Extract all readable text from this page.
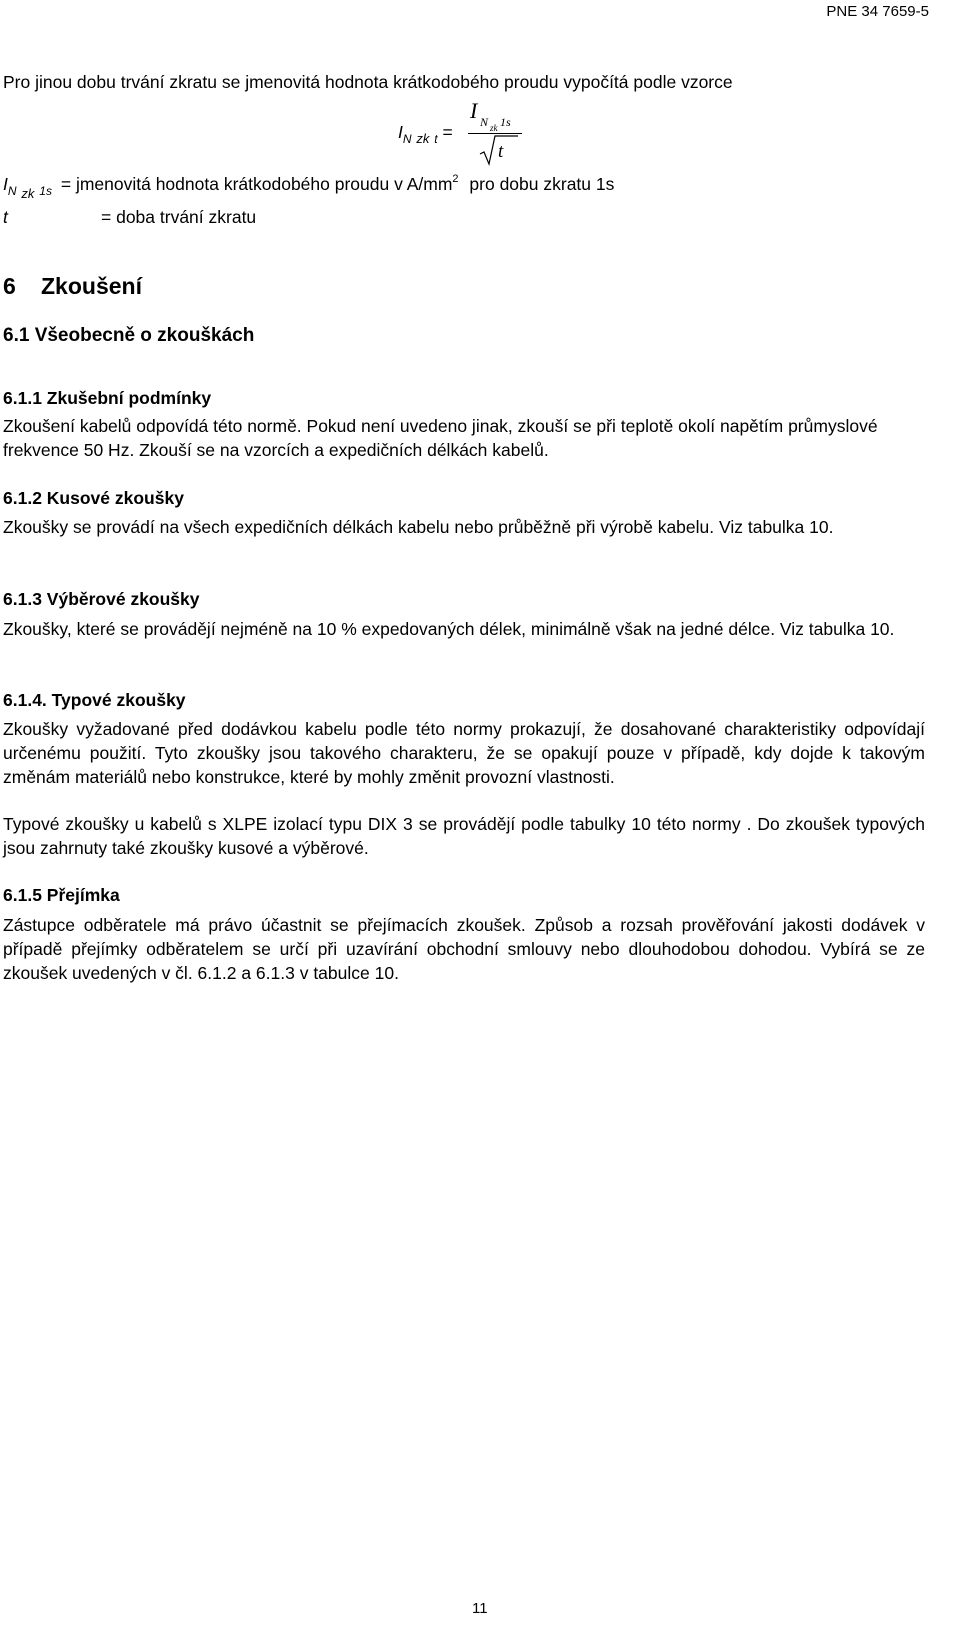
PNE 34 7659-5
Pro jinou dobu trvání zkratu se jmenovitá hodnota krátkodobého proudu vypočítá podle vzorce
$I_N$ $_{zk}$ $_t$ =
I N zk 1s
t
$I_N$ $_{zk}$ $_{1s}$ = jmenovitá hodnota krátkodobého proudu v $A/mm^2$ pro dobu zkratu 1s
t	= doba trvání zkratu
6 Zkoušení
6.1 Všeobecně o zkouškách
6.1.1 Zkušební podmínky
Zkoušení kabelů odpovídá této normě. Pokud není uvedeno jinak, zkouší se při teplotě okolí napětím průmyslové frekvence 50 Hz. Zkouší se na vzorcích a expedičních délkách kabelů.
6.1.2 Kusové zkoušky
Zkoušky se provádí na všech expedičních délkách kabelu nebo průběžně při výrobě kabelu. Viz tabulka 10.
6.1.3 Výběrové zkoušky
Zkoušky, které se provádějí nejméně na 10 % expedovaných délek, minimálně však na jedné délce. Viz tabulka 10.
6.1.4. Typové zkoušky
Zkoušky vyžadované před dodávkou kabelu podle této normy prokazují, že dosahované charakteristiky odpovídají určenému použití. Tyto zkoušky jsou takového charakteru, že se opakují pouze v případě, kdy dojde k takovým změnám materiálů nebo konstrukce, které by mohly změnit provozní vlastnosti.
Typové zkoušky u kabelů s XLPE izolací typu DIX 3 se provádějí podle tabulky 10 této normy . Do zkoušek typových jsou zahrnuty také zkoušky kusové a výběrové.
6.1.5 Přejímka
Zástupce odběratele má právo účastnit se přejímacích zkoušek. Způsob a rozsah prověřování jakosti dodávek v případě přejímky odběratelem se určí při uzavírání obchodní smlouvy nebo dlouhodobou dohodou. Vybírá se ze zkoušek uvedených v čl. 6.1.2 a 6.1.3 v tabulce 10.
11
